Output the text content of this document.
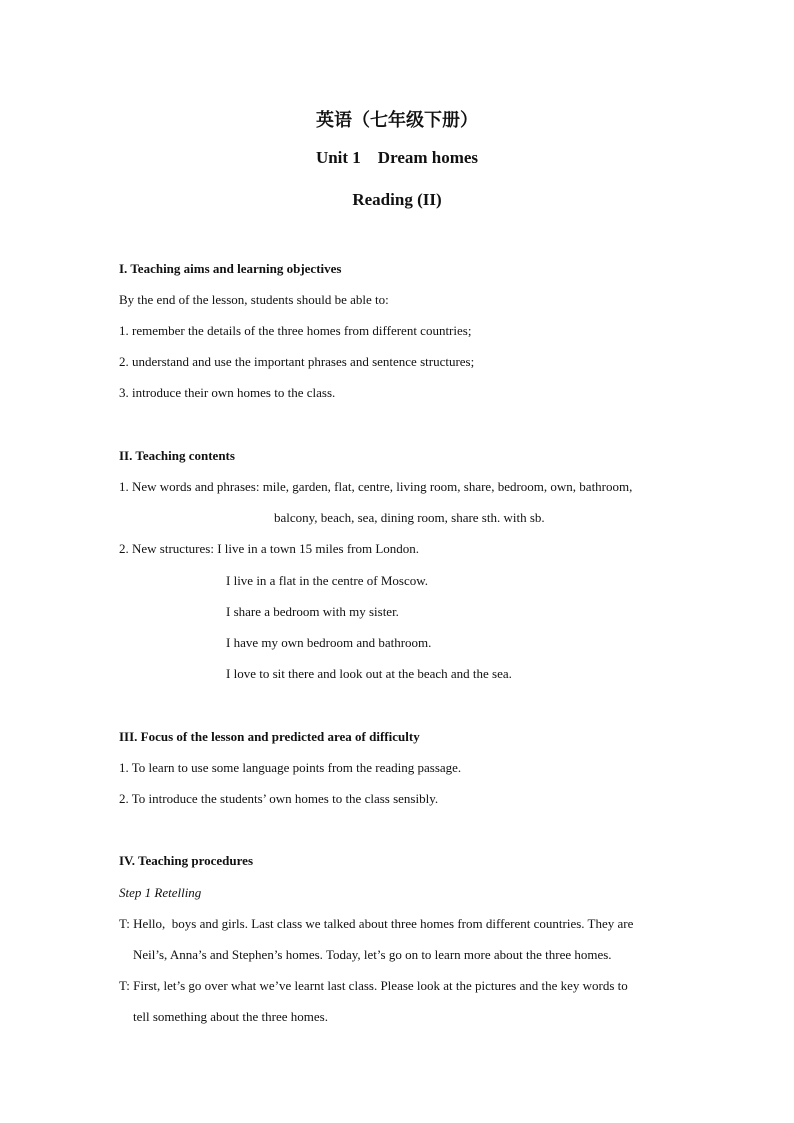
英语（七年级下册）
Unit 1    Dream homes
Reading (II)
I. Teaching aims and learning objectives
By the end of the lesson, students should be able to:
1. remember the details of the three homes from different countries;
2. understand and use the important phrases and sentence structures;
3. introduce their own homes to the class.
II. Teaching contents
1. New words and phrases: mile, garden, flat, centre, living room, share, bedroom, own, bathroom,
balcony, beach, sea, dining room, share sth. with sb.
2. New structures: I live in a town 15 miles from London.
I live in a flat in the centre of Moscow.
I share a bedroom with my sister.
I have my own bedroom and bathroom.
I love to sit there and look out at the beach and the sea.
III. Focus of the lesson and predicted area of difficulty
1. To learn to use some language points from the reading passage.
2. To introduce the students’ own homes to the class sensibly.
IV. Teaching procedures
Step 1 Retelling
T: Hello,  boys and girls. Last class we talked about three homes from different countries. They are
Neil’s, Anna’s and Stephen’s homes. Today, let’s go on to learn more about the three homes.
T: First, let’s go over what we’ve learnt last class. Please look at the pictures and the key words to
tell something about the three homes.
